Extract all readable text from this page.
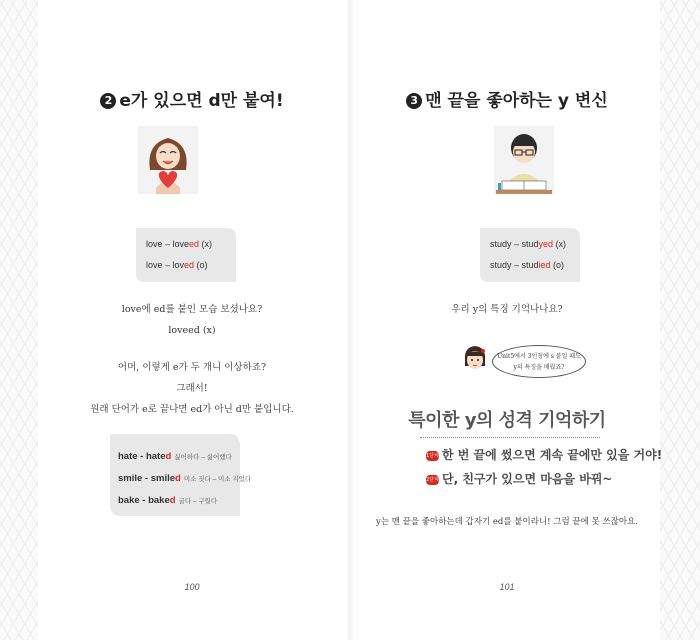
2 e가 있으면 d만 붙여!
love – loveed (x)
love – loved (o)
love에 ed를 붙인 모습 보셨나요?
loveed (x)
어머, 이렇게 e가 두 개니 이상하죠?
그래서!
원래 단어가 e로 끝나면 ed가 아닌 d만 붙입니다.
hate - hated 싫어하다 – 싫어했다
smile - smiled 미소 짓다 – 미소 지었다
bake - baked 굽다 – 구웠다
100
3 맨 끝을 좋아하는 y 변신
study – studyed (x)
study – studied (o)
우리 y의 특징 기억나나요?
Unit5에서 3인칭에 s 붙일 때도
y의 특징을 배웠죠?
특이한 y의 성격 기억하기
1단계 한 번 끝에 썼으면 계속 끝에만 있을 거야!
2단계 단, 친구가 있으면 마음을 바꿔~
y는 맨 끝을 좋아하는데 갑자기 ed를 붙이라니! 그럼 끝에 못 쓰잖아요.
101
